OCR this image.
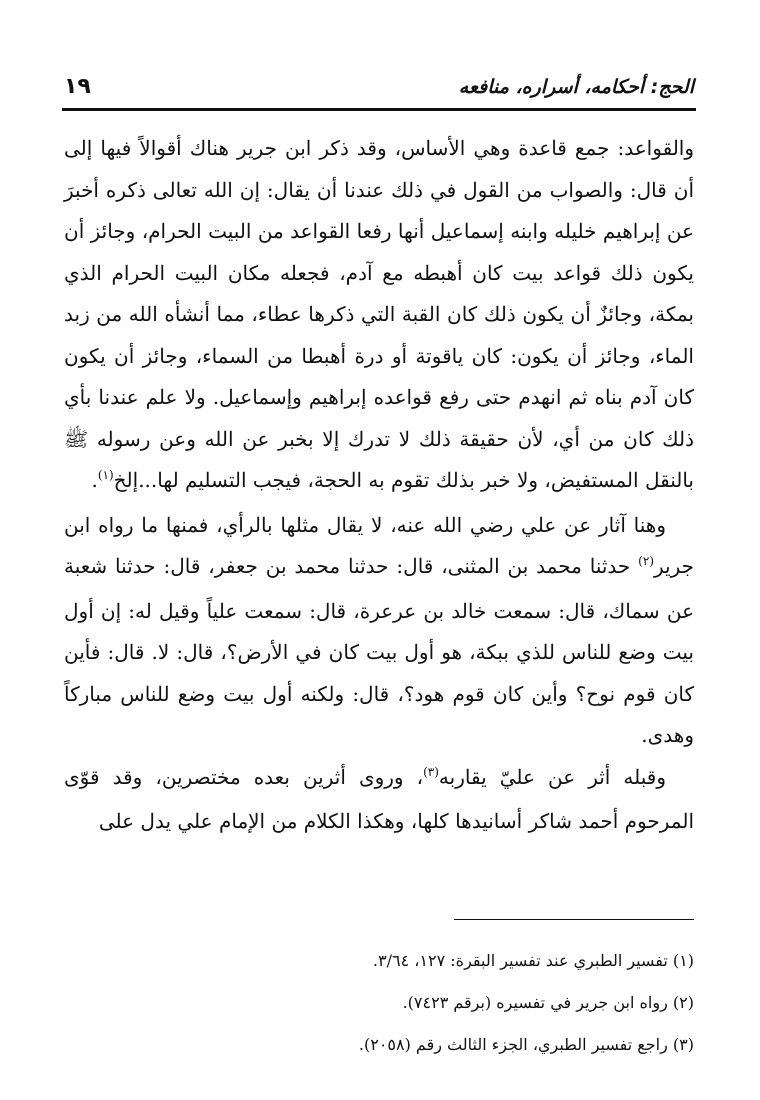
الحج: أحكامه، أسراره، منافعه
١٩

والقواعد: جمع قاعدة وهي الأساس، وقد ذكر ابن جرير هناك أقوالاً فيها إلى أن قال: والصواب من القول في ذلك عندنا أن يقال: إن الله تعالى ذكره أخبرَ عن إبراهيم خليله وابنه إسماعيل أنها رفعا القواعد من البيت الحرام، وجائز أن يكون ذلك قواعد بيت كان أهبطه مع آدم، فجعله مكان البيت الحرام الذي بمكة، وجائزٌ أن يكون ذلك كان القبة التي ذكرها عطاء، مما أنشأه الله من زبد الماء، وجائز أن يكون: كان ياقوتة أو درة أهبطا من السماء، وجائز أن يكون كان آدم بناه ثم انهدم حتى رفع قواعده إبراهيم وإسماعيل. ولا علم عندنا بأي ذلك كان من أي، لأن حقيقة ذلك لا تدرك إلا بخبر عن الله وعن رسوله ﷺ بالنقل المستفيض، ولا خبر بذلك تقوم به الحجة، فيجب التسليم لها...إلخ$^{(١)}$.

وهنا آثار عن علي رضي الله عنه، لا يقال مثلها بالرأي، فمنها ما رواه ابن جرير$^{(٢)}$ حدثنا محمد بن المثنى، قال: حدثنا محمد بن جعفر، قال: حدثنا شعبة عن سماك، قال: سمعت خالد بن عرعرة، قال: سمعت علياً وقيل له: إن أول بيت وضع للناس للذي ببكة، هو أول بيت كان في الأرض؟، قال: لا. قال: فأين كان قوم نوح؟ وأين كان قوم هود؟، قال: ولكنه أول بيت وضع للناس مباركاً وهدى.

وقبله أثر عن عليّ يقاربه$^{(٣)}$، وروى أثرين بعده مختصرين، وقد قوّى المرحوم أحمد شاكر أسانيدها كلها، وهكذا الكلام من الإمام علي يدل على

(١) تفسير الطبري عند تفسير البقرة: ١٢٧، ٣/٦٤.
(٢) رواه ابن جرير في تفسيره (برقم ٧٤٢٣).
(٣) راجع تفسير الطبري، الجزء الثالث رقم (٢٠٥٨).
